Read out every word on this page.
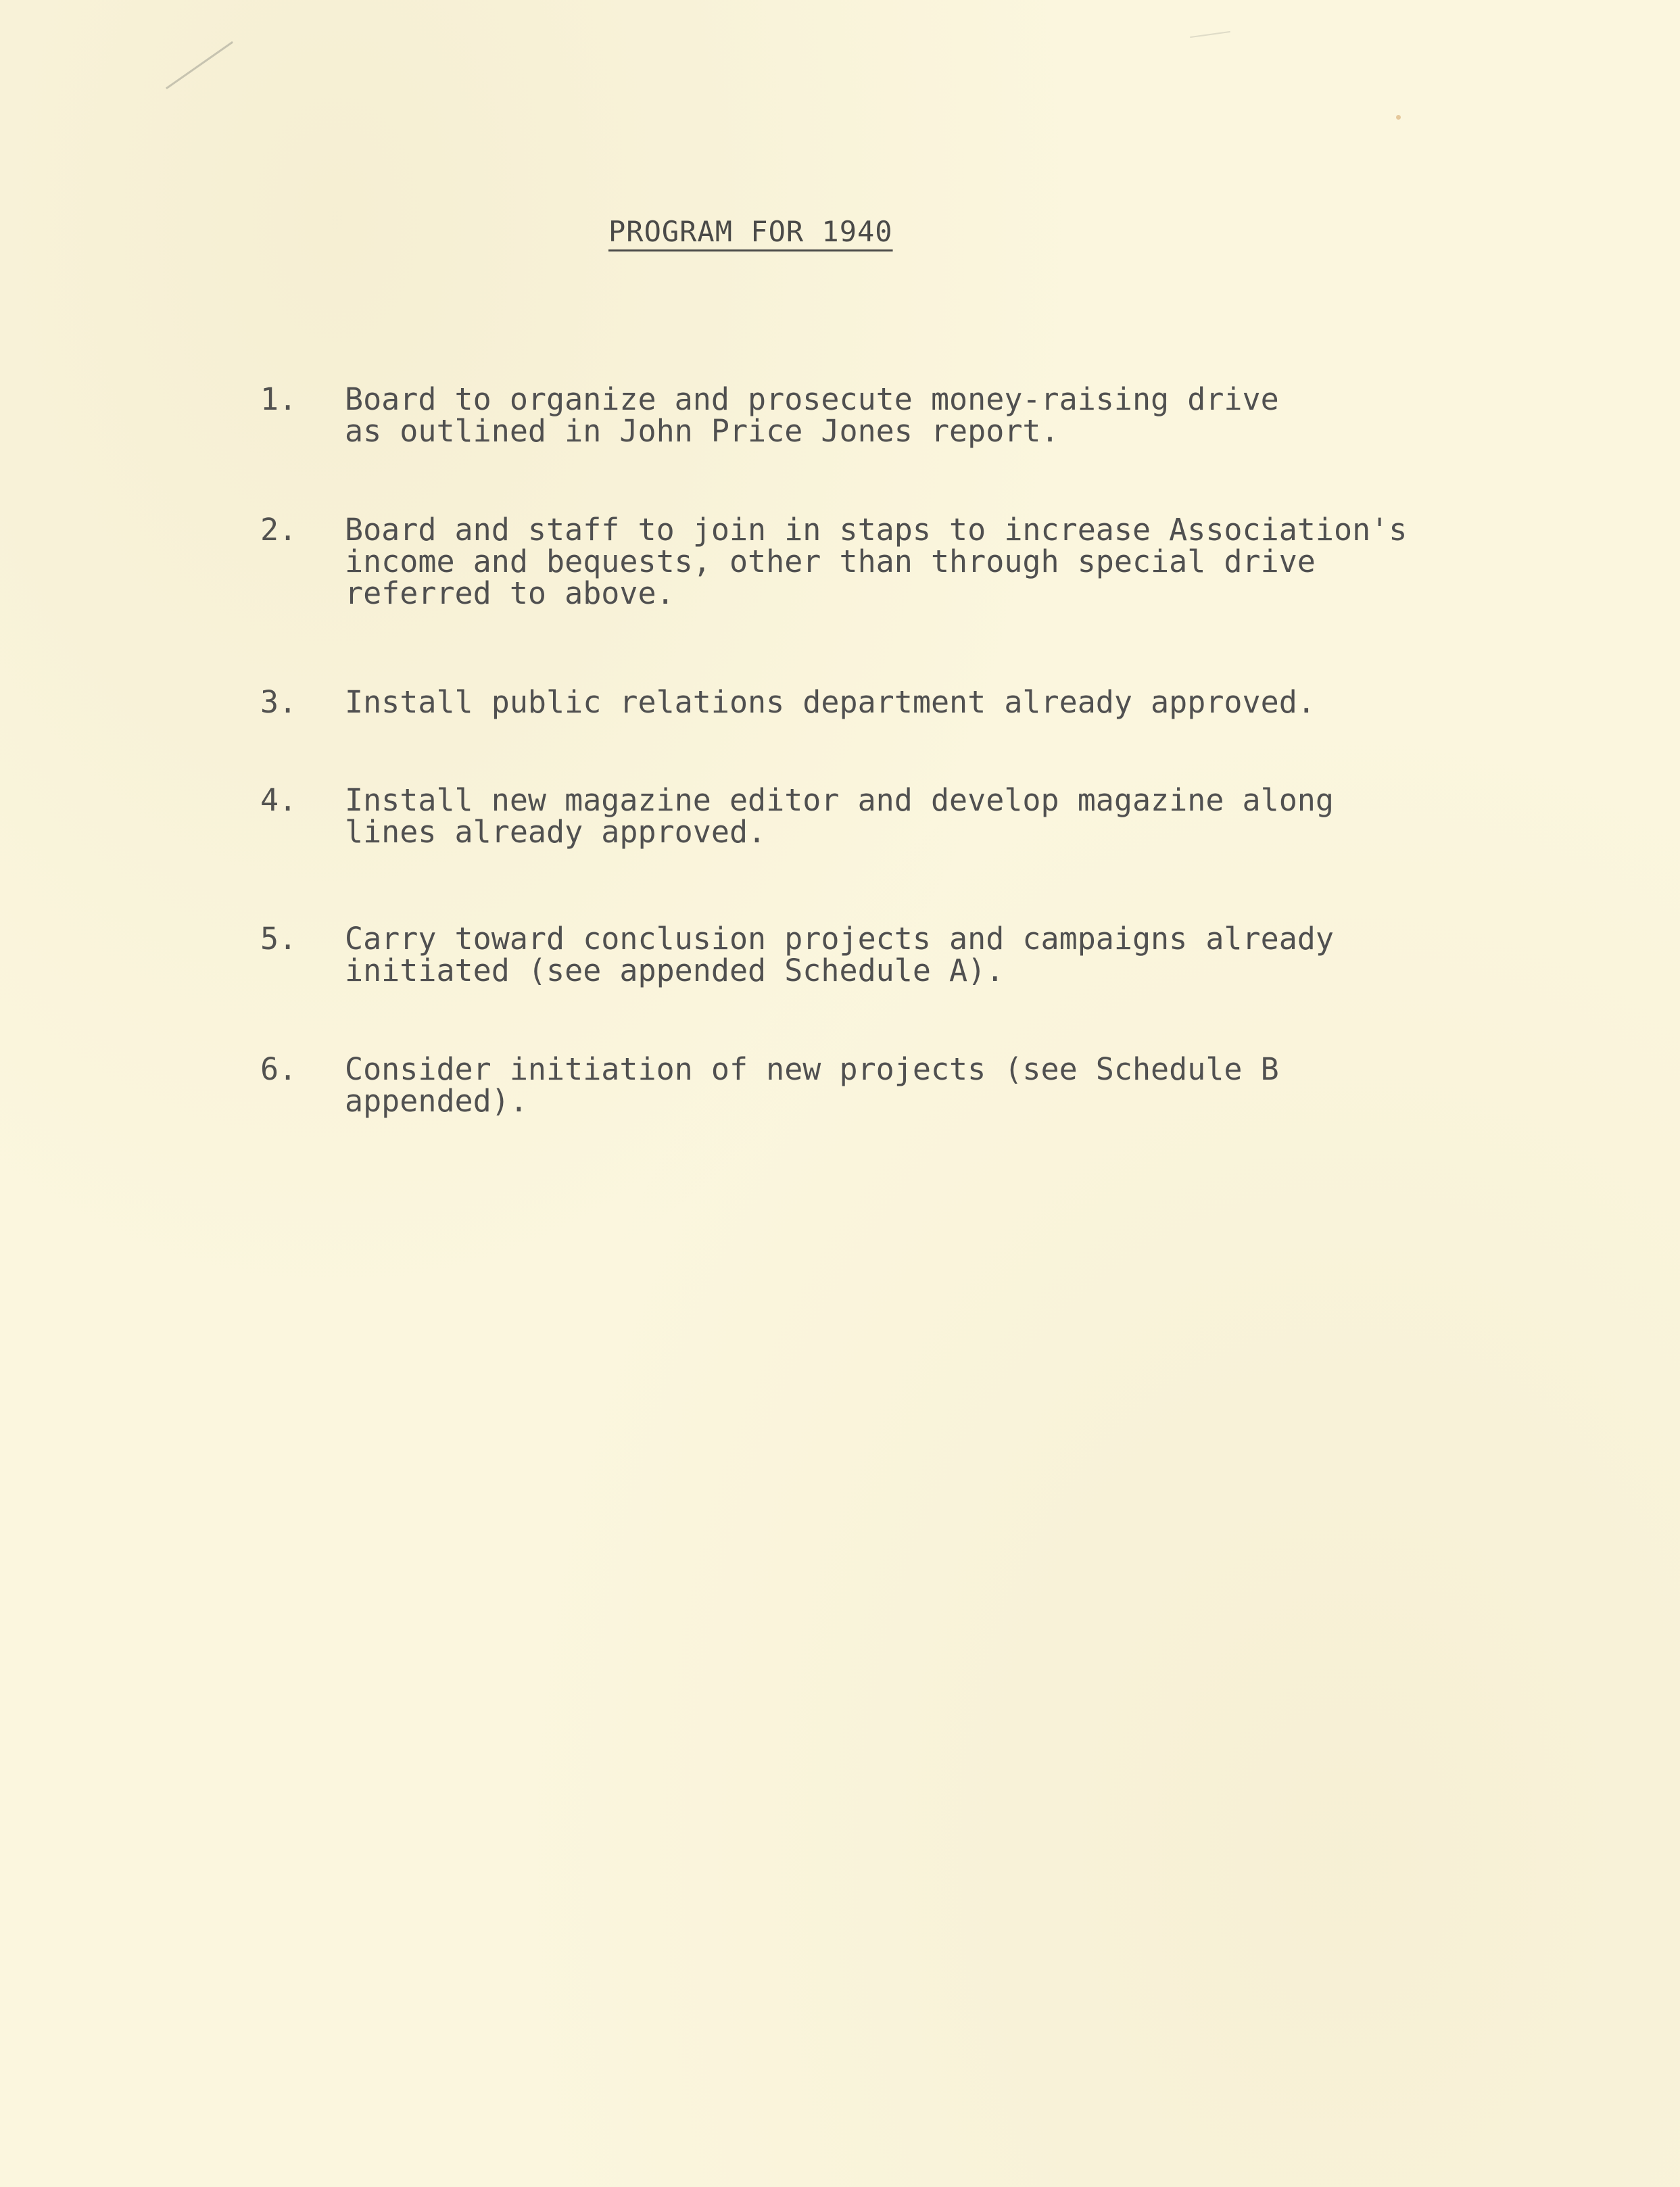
PROGRAM FOR 1940
1.	Board to organize and prosecute money-raising drive
as outlined in John Price Jones report.
2.	Board and staff to join in staps to increase Association's
income and bequests, other than through special drive
referred to above.
3.	Install public relations department already approved.
4.	Install new magazine editor and develop magazine along
lines already approved.
5.	Carry toward conclusion projects and campaigns already
initiated (see appended Schedule A).
6.	Consider initiation of new projects (see Schedule B
appended).
